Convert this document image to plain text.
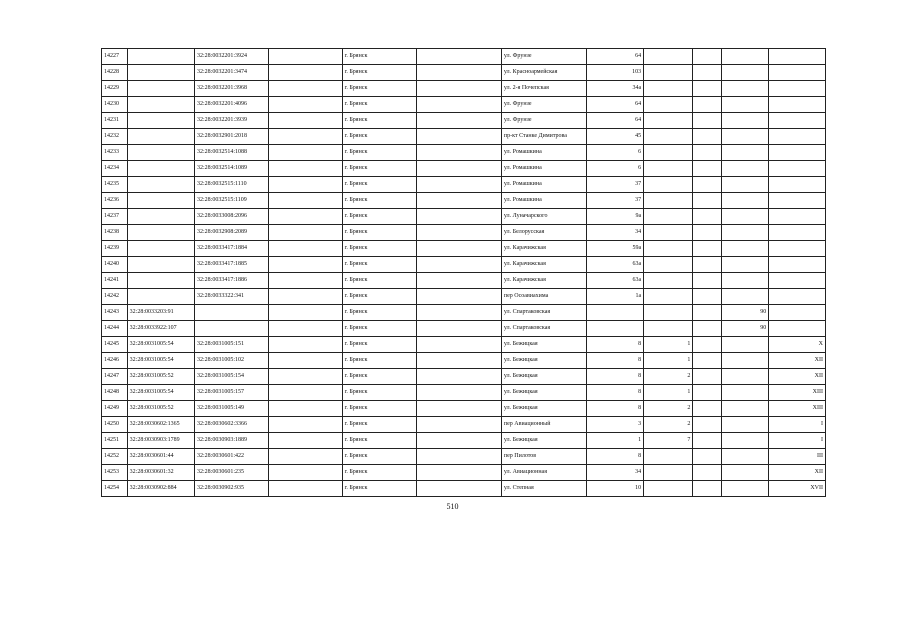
14227		32:28:0032201:3924		г. Брянск		ул. Фрунзе	64				
14228		32:28:0032201:3474		г. Брянск		ул. Красноармейская	103				
14229		32:28:0032201:3968		г. Брянск		ул. 2-я Почепская	34а				
14230		32:28:0032201:4096		г. Брянск		ул. Фрунзе	64				
14231		32:28:0032201:3939		г. Брянск		ул. Фрунзе	64				
14232		32:28:0032901:2018		г. Брянск		пр-кт Станке Димитрова	45				
14233		32:28:0032514:1088		г. Брянск		ул. Ромашкина	6				
14234		32:28:0032514:1089		г. Брянск		ул. Ромашкина	6				
14235		32:28:0032515:1110		г. Брянск		ул. Ромашкина	37				
14236		32:28:0032515:1109		г. Брянск		ул. Ромашкина	37				
14237		32:28:0033008:2096		г. Брянск		ул. Луначарского	9а				
14238		32:28:0032908:2089		г. Брянск		ул. Белорусская	34				
14239		32:28:0033417:1884		г. Брянск		ул. Карачижская	59а				
14240		32:28:0033417:1885		г. Брянск		ул. Карачижская	63а				
14241		32:28:0033417:1886		г. Брянск		ул. Карачижская	63а				
14242		32:28:0033322:341		г. Брянск		пер Осоавиахима	1а				
14243	32:28:0033203:91			г. Брянск		ул. Спартаковская				90	
14244	32:28:0033922:107			г. Брянск		ул. Спартаковская				90	
14245	32:28:0031005:54	32:28:0031005:151		г. Брянск		ул. Бежицкая	8	1			X
14246	32:28:0031005:54	32:28:0031005:102		г. Брянск		ул. Бежицкая	8	1			XII
14247	32:28:0031005:52	32:28:0031005:154		г. Брянск		ул. Бежицкая	8	2			XII
14248	32:28:0031005:54	32:28:0031005:157		г. Брянск		ул. Бежицкая	8	1			XIII
14249	32:28:0031005:52	32:28:0031005:149		г. Брянск		ул. Бежицкая	8	2			XIII
14250	32:28:0030602:1365	32:28:0030602:3366		г. Брянск		пер Авиационный	3	2			I
14251	32:28:0030903:1789	32:28:0030903:1889		г. Брянск		ул. Бежицкая	1	7			I
14252	32:28:0030601:44	32:28:0030601:422		г. Брянск		пер Пилотов	8				III
14253	32:28:0030601:32	32:28:0030601:235		г. Брянск		ул. Авиационная	34				XII
14254	32:28:0030902:884	32:28:0030902:935		г. Брянск		ул. Степная	10				XVII
510
